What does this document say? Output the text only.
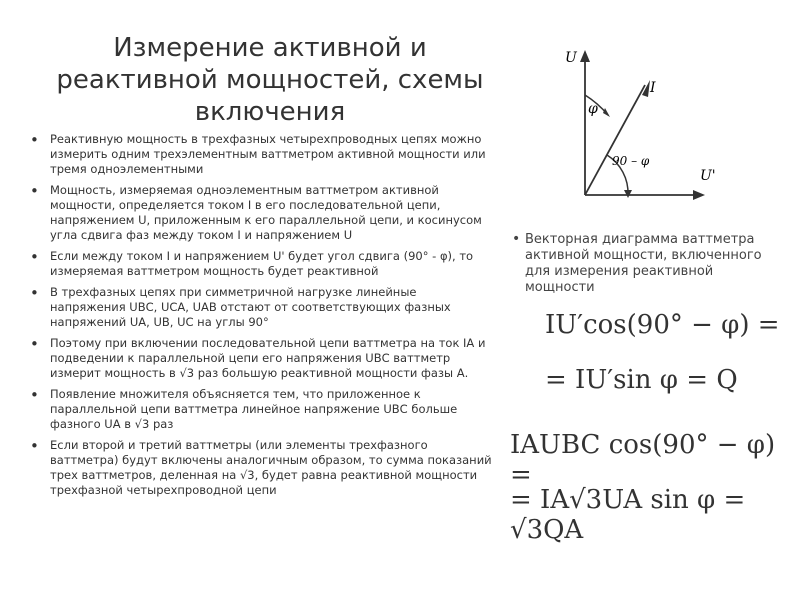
Измерение активной и реактивной мощностей, схемы включения
• Реактивную мощность в трехфазных четырехпроводных цепях можно измерить одним трехэлементным ваттметром активной мощности или тремя одноэлементными
• Мощность, измеряемая одноэлементным ваттметром активной мощности, определяется током I в его последовательной цепи, напряжением U, приложенным к его параллельной цепи, и косинусом угла сдвига фаз между током I и напряжением U
• Если между током I и напряжением U' будет угол сдвига (90° - φ), то измеряемая ваттметром мощность будет реактивной
• В трехфазных цепях при симметричной нагрузке линейные напряжения UВС, UСА, UАВ отстают от соответствующих фазных напряжений UА, UВ, UС на углы 90°
• Поэтому при включении последовательной цепи ваттметра на ток IА и подведении к параллельной цепи его напряжения UВС ваттметр измерит мощность в √3 раз большую реактивной мощности фазы А.
• Появление множителя объясняется тем, что приложенное к параллельной цепи ваттметра линейное напряжение UВС больше фазного UА в √3 раз
• Если второй и третий ваттметры (или элементы трехфазного ваттметра) будут включены аналогичным образом, то сумма показаний трех ваттметров, деленная на √3, будет равна реактивной мощности трехфазной четырехпроводной цепи
U
U'
I
φ
90 – φ
• Векторная диаграмма ваттметра активной мощности, включенного для измерения реактивной мощности
IU′cos(90° − φ) =
= IU′sin φ = Q
IAUBC cos(90° − φ) =
= IA√3UA sin φ = √3QA
